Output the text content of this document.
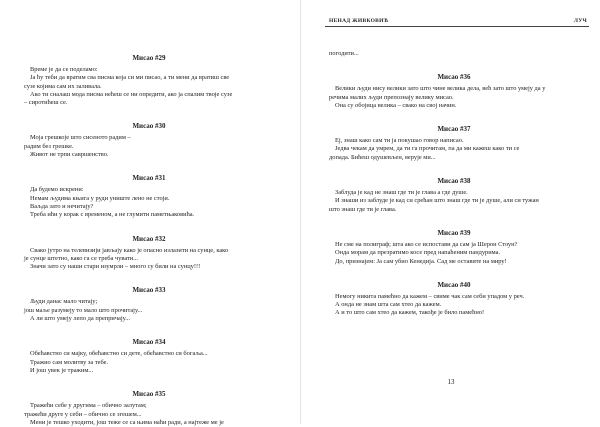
Мисао #29

Време је да се поделамо:

Ја ћу теби да вратим сва писма која си ми писао, а ти мени да вратиш све

сузе којима сам их заливала.

Ако ти сналаш мода писма нећеш се ни опредити, ако ја спалим твоје сузе

– сиротићеш се.

Мисао #30

Моја грешкоје што сисеното радим –

радим без грешке.

Живот не трпи савршенство.

Мисао #31

Да будемо искрени:

Немам људима књига у руди униште лено не стоји.

Ваљда зато и нечитају?

Треба ићи у корак с временом, а не глумити паметњаковића.

Мисао #32

Свако јутро на телевизији јављају како је опасно излазити на сунце, како

је сунце штетно, како га се треба чувати...

Значи зато су наши стари изумрли – много су били на сунцу!!!

Мисао #33

Људи данас мало читају;

још маље разумеју то мало што прочитају...

А ли што умеју лепо да препричају...

Мисао #34

Обећавстно си мајку, обећавстно си дете, обећавстно си богаља...

Тражио сам молитву за тебе.

И још увек је тражим...

Мисао #35

Тражећи себе у другима – обично залутам;

тражећи друге у себи – обично се згешем...

Мени је тешко уходити, још теже се са њима наћи ради, а најтеже ме је

НЕНАД ЖИВКОВИЋ	ЛУЧ

погодити...

Мисао #36

Велики људи нису велики зато што чине велика дела, већ зато што умеју да у

речима малих људи препознају велику мисао.

Она су обојица велика – свако на свој начин.

Мисао #37

Еј, знаш како сам ти ја покушао говор написао.

Једва чекам да умрем, да ти га прочитам, па да ми кажеш како ти се

допада. Бићеш одушевљен, верује ми...

Мисао #38

Заблуда је кад не знаш где ти је глава а где душе.

И знаши из заблуде је кад си срећан што знаш где ти је душе, али си тужан

што знаш где ти је глава.

Мисао #39

Не сме на полиграф; шта ако се испостави да сам ја Шерон Стоун?

Онда морам да презратимо косе пред напаћеним пандурима.

До, признајем: Ја сам убио Кенедија. Сад ме оставите на миру!

Мисао #40

Немогу никита памећно да кажем – свиме чак сам себи упадом у реч.

А онда не знам шта сам хтео да кажем.

А и то што сам хтео да кажем, такође је било памећно!

13
